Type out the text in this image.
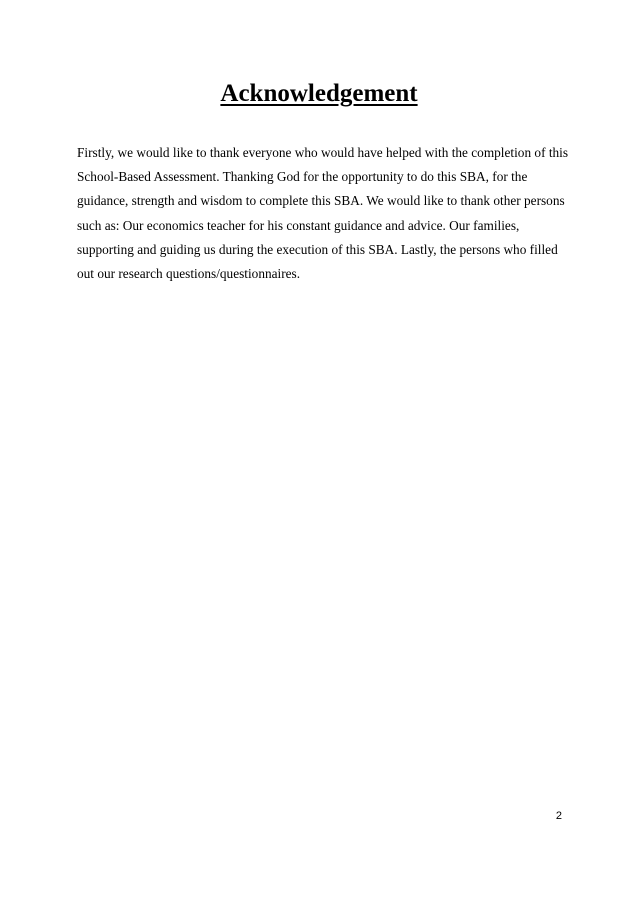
Acknowledgement

Firstly, we would like to thank everyone who would have helped with the completion of this
School-Based Assessment. Thanking God for the opportunity to do this SBA, for the
guidance, strength and wisdom to complete this SBA. We would like to thank other persons
such as: Our economics teacher for his constant guidance and advice. Our families,
supporting and guiding us during the execution of this SBA. Lastly, the persons who filled
out our research questions/questionnaires.

2
